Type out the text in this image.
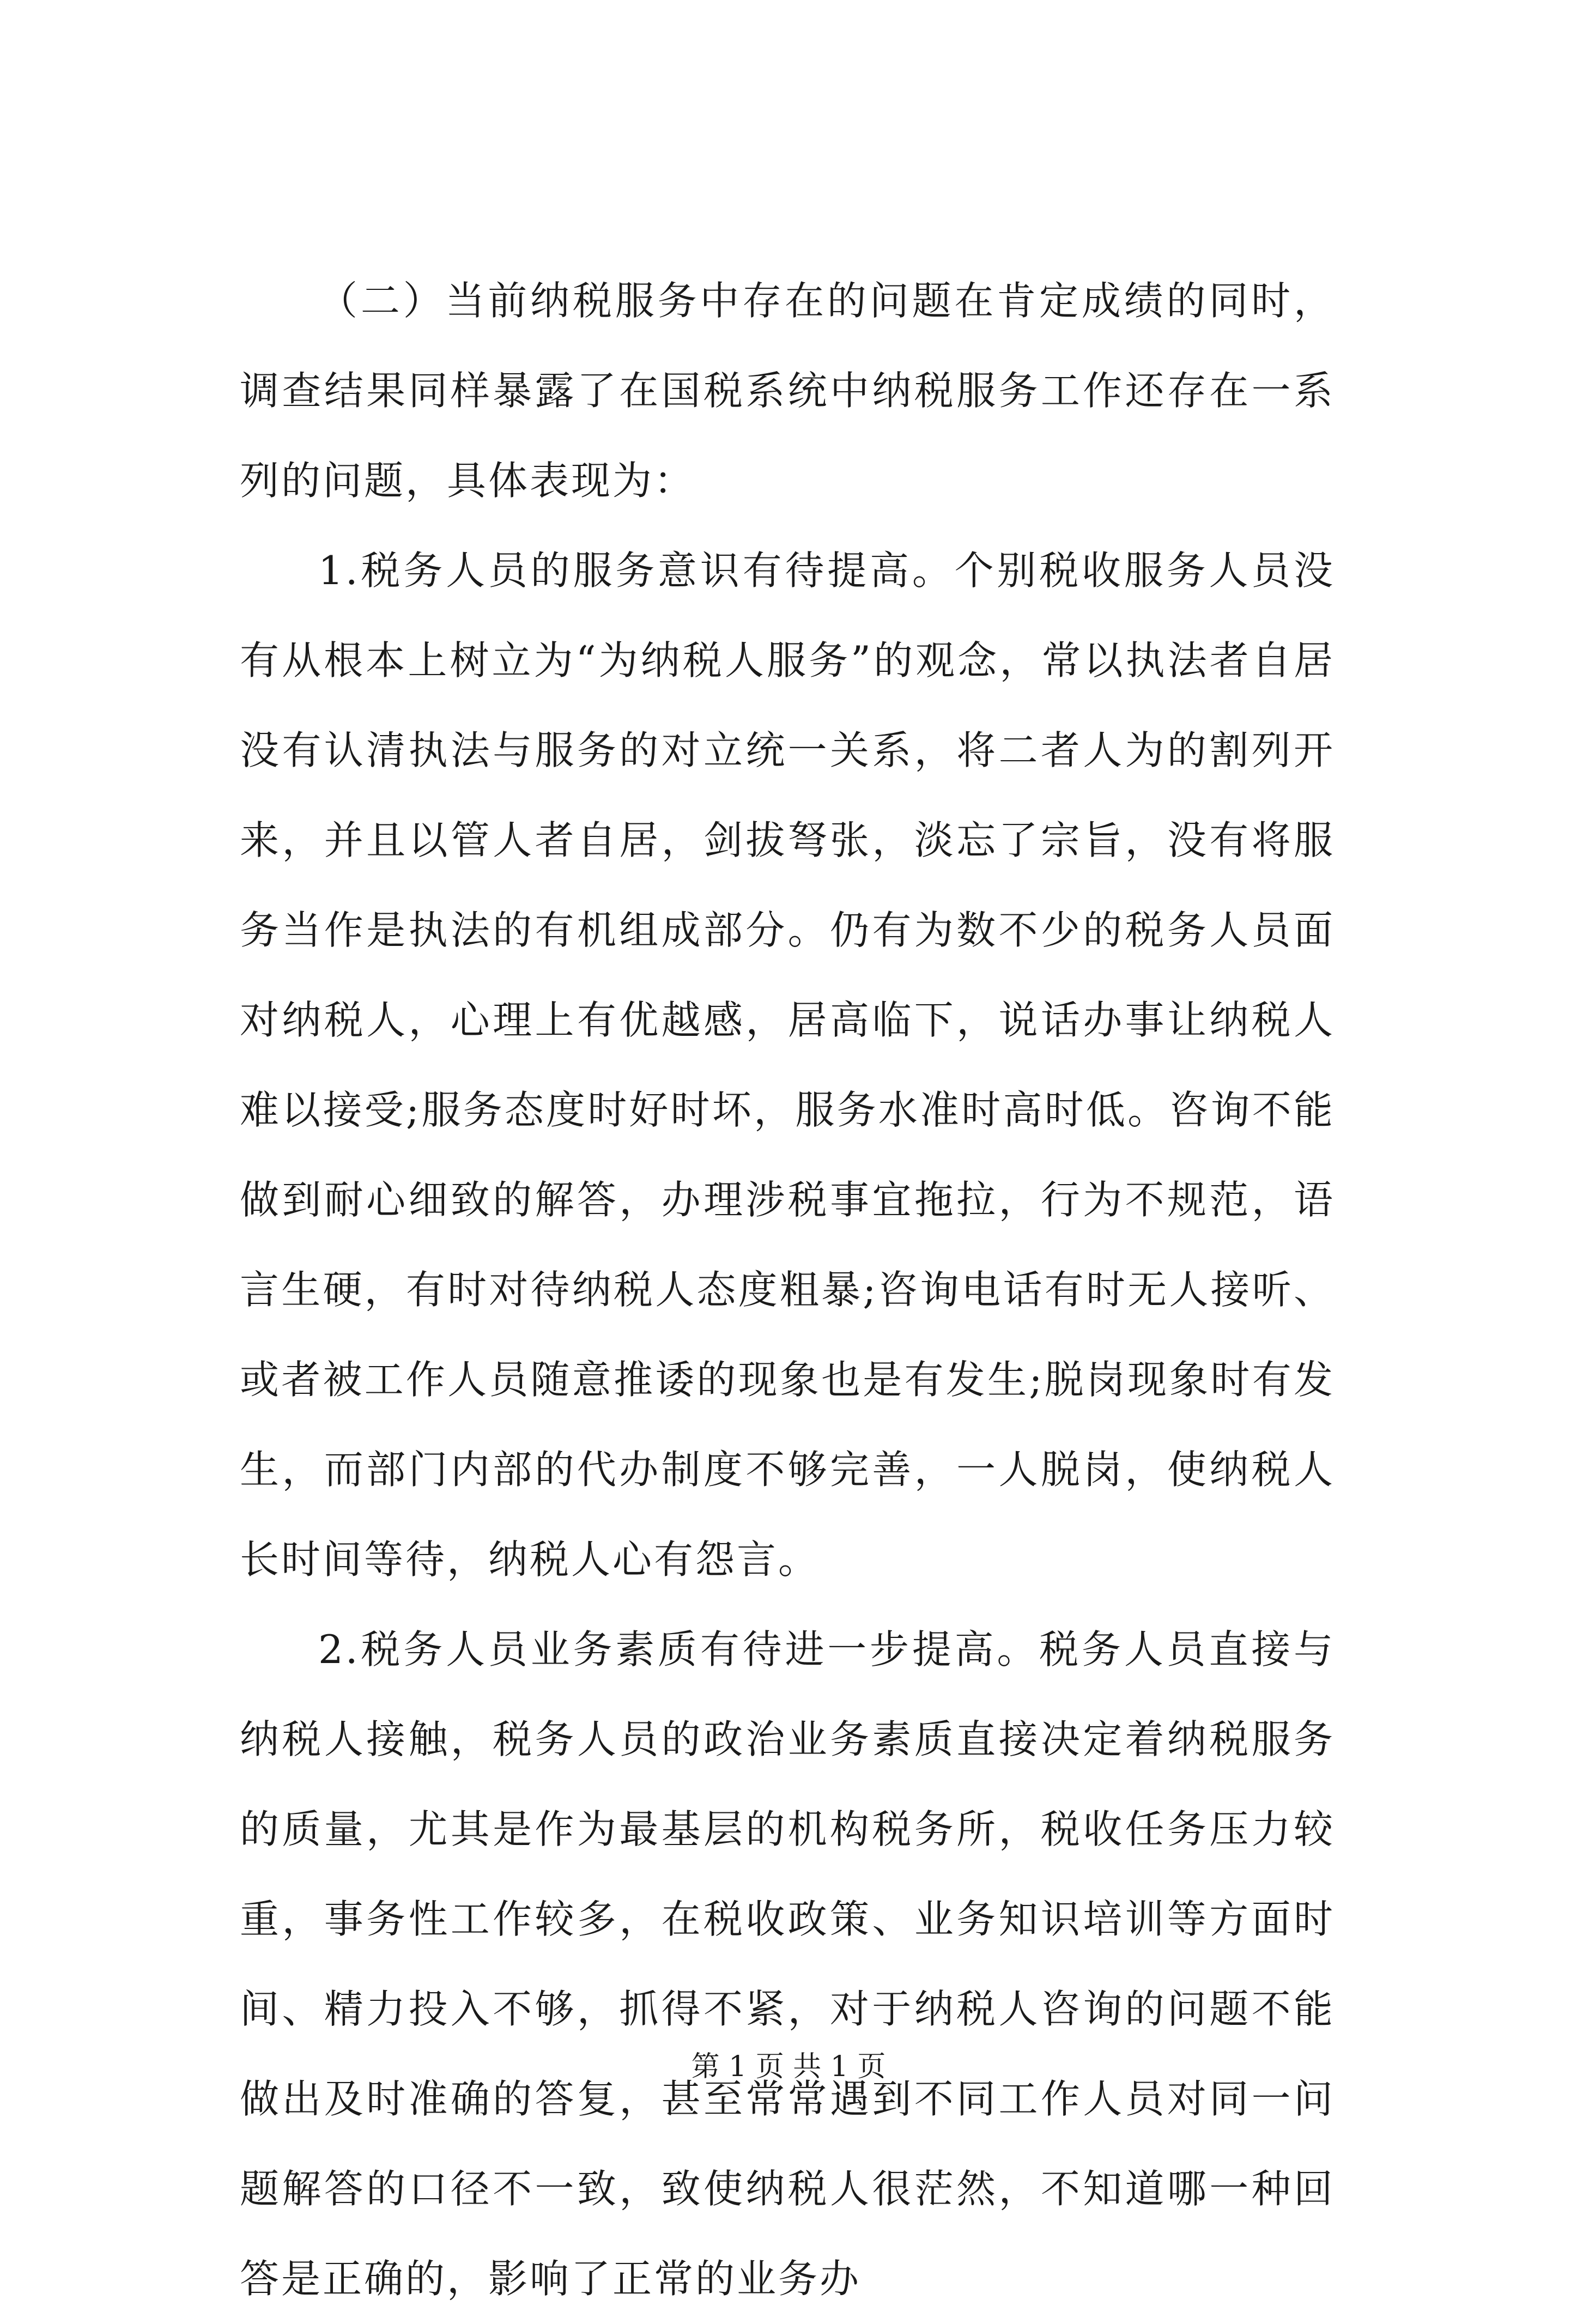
（二）当前纳税服务中存在的问题在肯定成绩的同时，调查结果同样暴露了在国税系统中纳税服务工作还存在一系列的问题，具体表现为：

1.税务人员的服务意识有待提高。个别税收服务人员没有从根本上树立为“为纳税人服务”的观念，常以执法者自居没有认清执法与服务的对立统一关系，将二者人为的割列开来，并且以管人者自居，剑拔弩张，淡忘了宗旨，没有将服务当作是执法的有机组成部分。仍有为数不少的税务人员面对纳税人，心理上有优越感，居高临下，说话办事让纳税人难以接受;服务态度时好时坏，服务水准时高时低。咨询不能做到耐心细致的解答，办理涉税事宜拖拉，行为不规范，语言生硬，有时对待纳税人态度粗暴;咨询电话有时无人接听、或者被工作人员随意推诿的现象也是有发生;脱岗现象时有发生，而部门内部的代办制度不够完善，一人脱岗，使纳税人长时间等待，纳税人心有怨言。

2.税务人员业务素质有待进一步提高。税务人员直接与纳税人接触，税务人员的政治业务素质直接决定着纳税服务的质量，尤其是作为最基层的机构税务所，税收任务压力较重，事务性工作较多，在税收政策、业务知识培训等方面时间、精力投入不够，抓得不紧，对于纳税人咨询的问题不能做出及时准确的答复，甚至常常遇到不同工作人员对同一问题解答的口径不一致，致使纳税人很茫然，不知道哪一种回答是正确的，影响了正常的业务办

第 1 页 共 1 页
